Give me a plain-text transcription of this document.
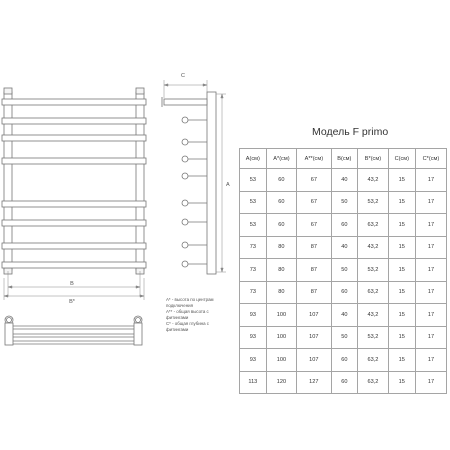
B
B*
C
A
A* - высота по центрам
подключения
A** - общая высота с
фитингами
C* - общая глубина с
фитингами
Модель F primo
A(см)	A*(см)	A**(см)	B(см)	B*(см)	C(см)	C*(см)
53	60	67	40	43,2	15	17
53	60	67	50	53,2	15	17
53	60	67	60	63,2	15	17
73	80	87	40	43,2	15	17
73	80	87	50	53,2	15	17
73	80	87	60	63,2	15	17
93	100	107	40	43,2	15	17
93	100	107	50	53,2	15	17
93	100	107	60	63,2	15	17
113	120	127	60	63,2	15	17
